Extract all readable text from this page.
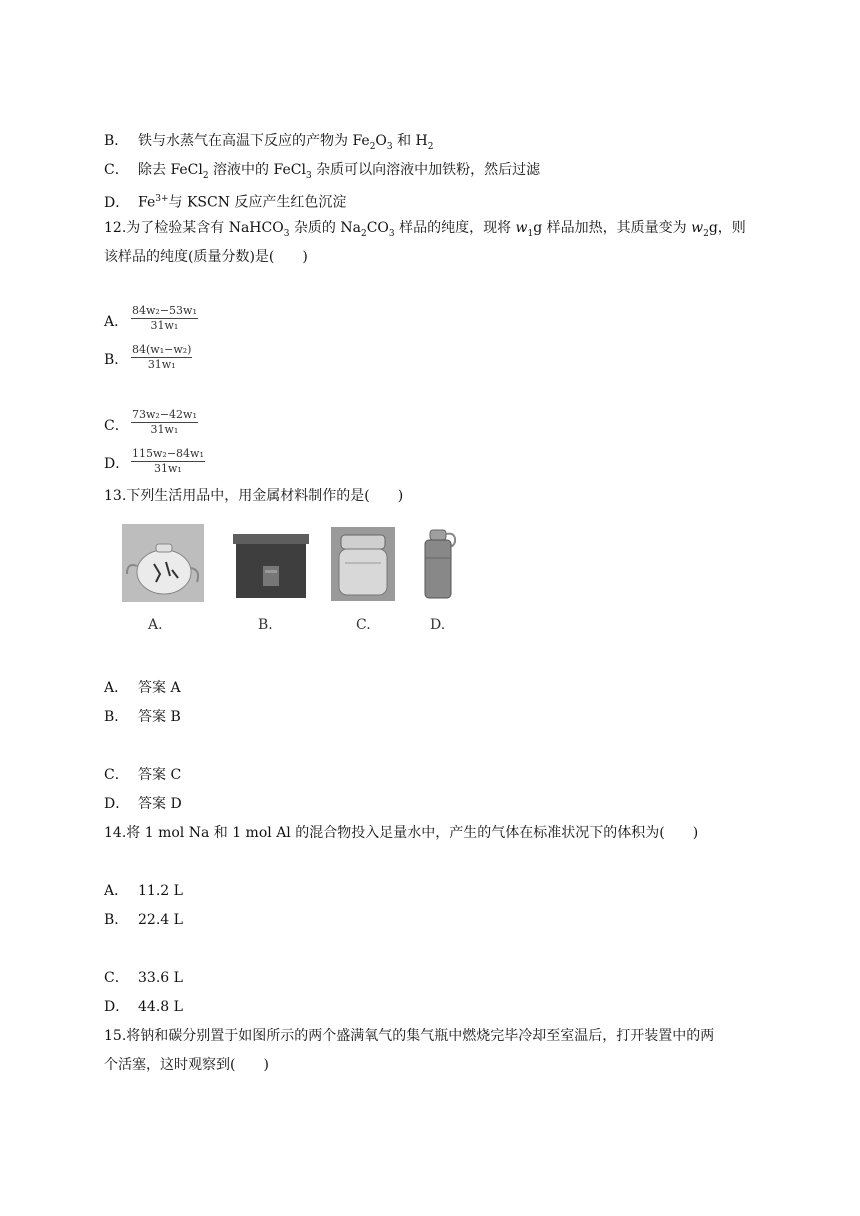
B． 铁与水蒸气在高温下反应的产物为 $Fe_2O_3$ 和 $H_2$
C． 除去 FeCl$_2$ 溶液中的 FeCl$_3$ 杂质可以向溶液中加铁粉，然后过滤
D． $Fe^{3+}$与 KSCN 反应产生红色沉淀
12.为了检验某含有 NaHCO$_3$ 杂质的 $Na_2CO_3$ 样品的纯度，现将 $w_1g$ 样品加热，其质量变为 $w_2g$，则
该样品的纯度(质量分数)是(　　)
A． $\frac{\text{84w₂−53w₁}}{\text{31w₁}}$
B． $\frac{\text{84(w₁−w₂)}}{\text{31w₁}}$
C． $\frac{\text{73w₂−42w₁}}{\text{31w₁}}$
D． $\frac{\text{115w₂−84w₁}}{\text{31w₁}}$
13.下列生活用品中，用金属材料制作的是(　　)
A.	B.	C.	D.
A． 答案 A
B． 答案 B
C． 答案 C
D． 答案 D
14.将 1 mol Na 和 1 mol Al 的混合物投入足量水中，产生的气体在标准状况下的体积为(　　)
A． 11.2 L
B． 22.4 L
C． 33.6 L
D． 44.8 L
15.将钠和碳分别置于如图所示的两个盛满氧气的集气瓶中燃烧完毕冷却至室温后，打开装置中的两
个活塞，这时观察到(　　)
